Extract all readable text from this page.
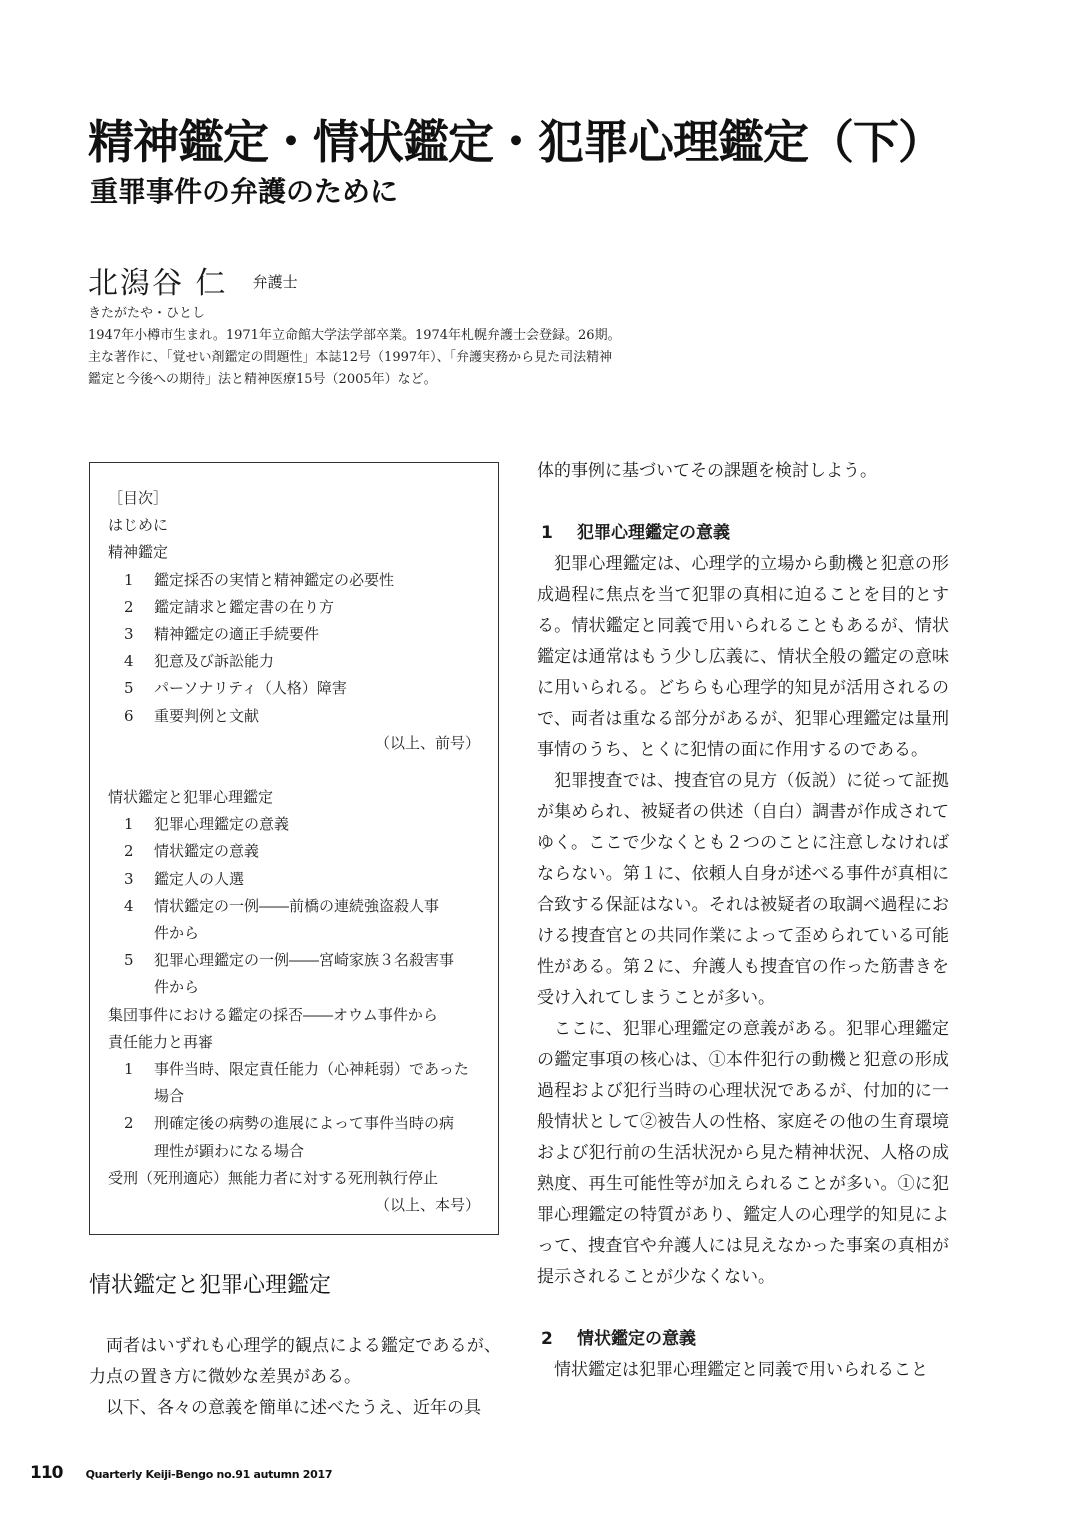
精神鑑定・情状鑑定・犯罪心理鑑定（下）
重罪事件の弁護のために
北潟谷 仁 弁護士

きたがたや・ひとし

1947年小樽市生まれ。1971年立命館大学法学部卒業。1974年札幌弁護士会登録。26期。

主な著作に、「覚せい剤鑑定の問題性」本誌12号（1997年）、「弁護実務から見た司法精神

鑑定と今後への期待」法と精神医療15号（2005年）など。

［目次］
はじめに
精神鑑定
1 鑑定採否の実情と精神鑑定の必要性
2 鑑定請求と鑑定書の在り方
3 精神鑑定の適正手続要件
4 犯意及び訴訟能力
5 パーソナリティ（人格）障害
6 重要判例と文献
（以上、前号）
情状鑑定と犯罪心理鑑定
1 犯罪心理鑑定の意義
2 情状鑑定の意義
3 鑑定人の人選
4 情状鑑定の一例――前橋の連続強盗殺人事
件から
5 犯罪心理鑑定の一例――宮崎家族３名殺害事
件から
集団事件における鑑定の採否――オウム事件から
責任能力と再審
1 事件当時、限定責任能力（心神耗弱）であった
場合
2 刑確定後の病勢の進展によって事件当時の病
理性が顕わになる場合
受刑（死刑適応）無能力者に対する死刑執行停止
（以上、本号）
情状鑑定と犯罪心理鑑定

両者はいずれも心理学的観点による鑑定であるが、力点の置き方に微妙な差異がある。

以下、各々の意義を簡単に述べたうえ、近年の具

体的事例に基づいてその課題を検討しよう。

1 犯罪心理鑑定の意義

犯罪心理鑑定は、心理学的立場から動機と犯意の形成過程に焦点を当て犯罪の真相に迫ることを目的とする。情状鑑定と同義で用いられることもあるが、情状鑑定は通常はもう少し広義に、情状全般の鑑定の意味に用いられる。どちらも心理学的知見が活用されるので、両者は重なる部分があるが、犯罪心理鑑定は量刑事情のうち、とくに犯情の面に作用するのである。

犯罪捜査では、捜査官の見方（仮説）に従って証拠が集められ、被疑者の供述（自白）調書が作成されてゆく。ここで少なくとも２つのことに注意しなければならない。第１に、依頼人自身が述べる事件が真相に合致する保証はない。それは被疑者の取調べ過程における捜査官との共同作業によって歪められている可能性がある。第２に、弁護人も捜査官の作った筋書きを受け入れてしまうことが多い。

ここに、犯罪心理鑑定の意義がある。犯罪心理鑑定の鑑定事項の核心は、①本件犯行の動機と犯意の形成過程および犯行当時の心理状況であるが、付加的に一般情状として②被告人の性格、家庭その他の生育環境および犯行前の生活状況から見た精神状況、人格の成熟度、再生可能性等が加えられることが多い。①に犯罪心理鑑定の特質があり、鑑定人の心理学的知見によって、捜査官や弁護人には見えなかった事案の真相が提示されることが少なくない。

2 情状鑑定の意義

情状鑑定は犯罪心理鑑定と同義で用いられること

110 Quarterly Keiji-Bengo no.91 autumn 2017
